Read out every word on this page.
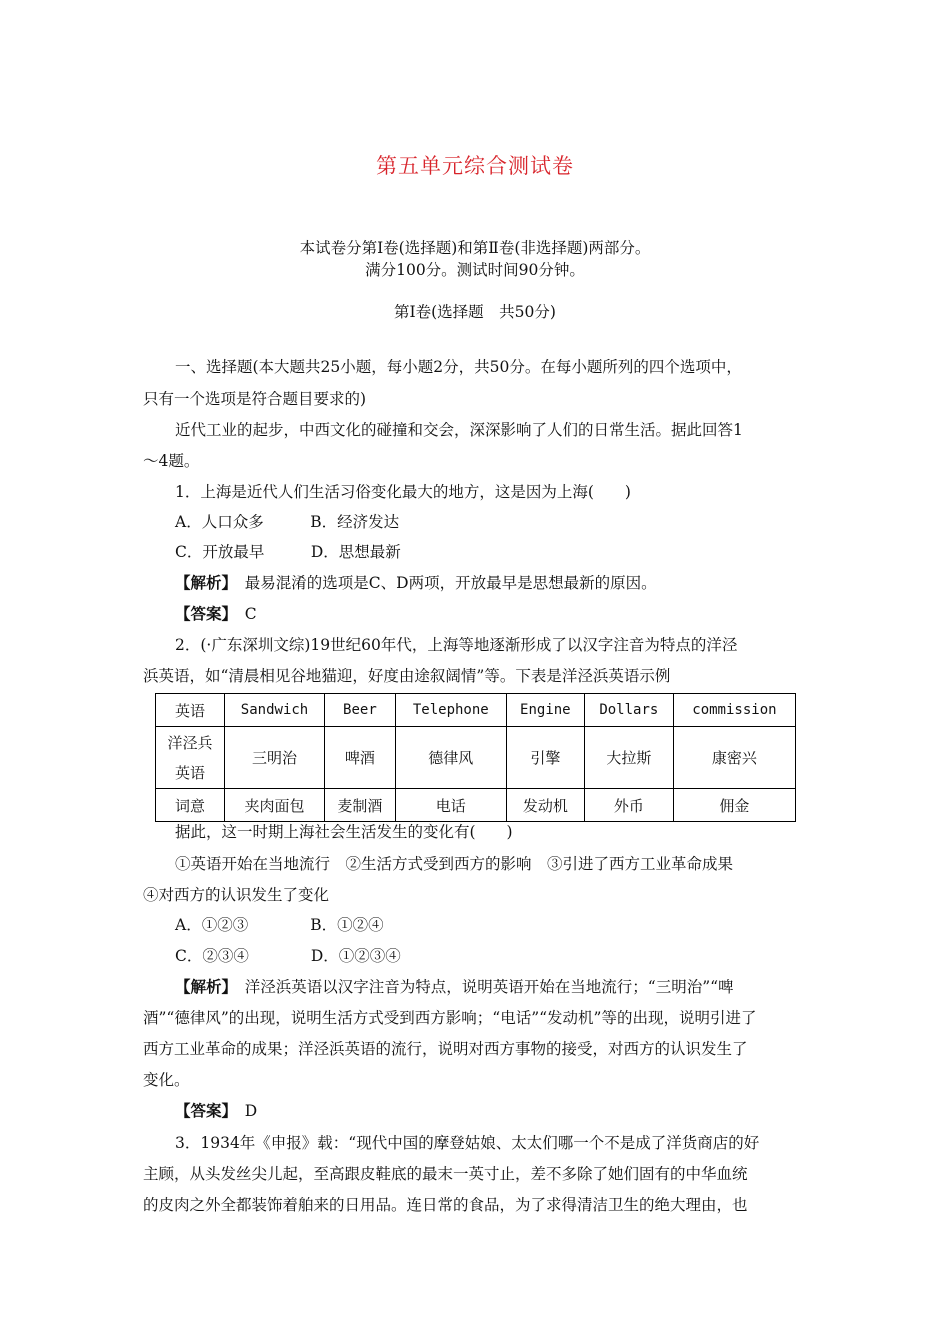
第五单元综合测试卷
本试卷分第Ⅰ卷(选择题)和第Ⅱ卷(非选择题)两部分。
满分100分。测试时间90分钟。
第Ⅰ卷(选择题　共50分)
一、选择题(本大题共25小题，每小题2分，共50分。在每小题所列的四个选项中，
只有一个选项是符合题目要求的)
近代工业的起步，中西文化的碰撞和交会，深深影响了人们的日常生活。据此回答1
～4题。
1．上海是近代人们生活习俗变化最大的地方，这是因为上海(　　)
A．人口众多　　　B．经济发达
C．开放最早　　　D．思想最新
【解析】　 最易混淆的选项是C、D两项，开放最早是思想最新的原因。
【答案】　 C
2．(·广东深圳文综)19世纪60年代，上海等地逐渐形成了以汉字注音为特点的洋泾
浜英语，如“清晨相见谷地猫迎，好度由途叙阔情”等。下表是洋泾浜英语示例
英语	Sandwich	Beer	Telephone	Engine	Dollars	commission
洋泾兵英语	三明治	啤酒	德律风	引擎	大拉斯	康密兴
词意	夹肉面包	麦制酒	电话	发动机	外币	佣金
据此，这一时期上海社会生活发生的变化有(　　)
①英语开始在当地流行　②生活方式受到西方的影响　③引进了西方工业革命成果
④对西方的认识发生了变化
A．①②③　　　　B．①②④
C．②③④　　　　D．①②③④
【解析】　 洋泾浜英语以汉字注音为特点，说明英语开始在当地流行；“三明治”“啤
酒”“德律风”的出现，说明生活方式受到西方影响；“电话”“发动机”等的出现，说明引进了
西方工业革命的成果；洋泾浜英语的流行，说明对西方事物的接受，对西方的认识发生了
变化。
【答案】　 D
3．1934年《申报》载：“现代中国的摩登姑娘、太太们哪一个不是成了洋货商店的好
主顾，从头发丝尖儿起，至高跟皮鞋底的最末一英寸止，差不多除了她们固有的中华血统
的皮肉之外全都装饰着舶来的日用品。连日常的食品，为了求得清洁卫生的绝大理由，也
